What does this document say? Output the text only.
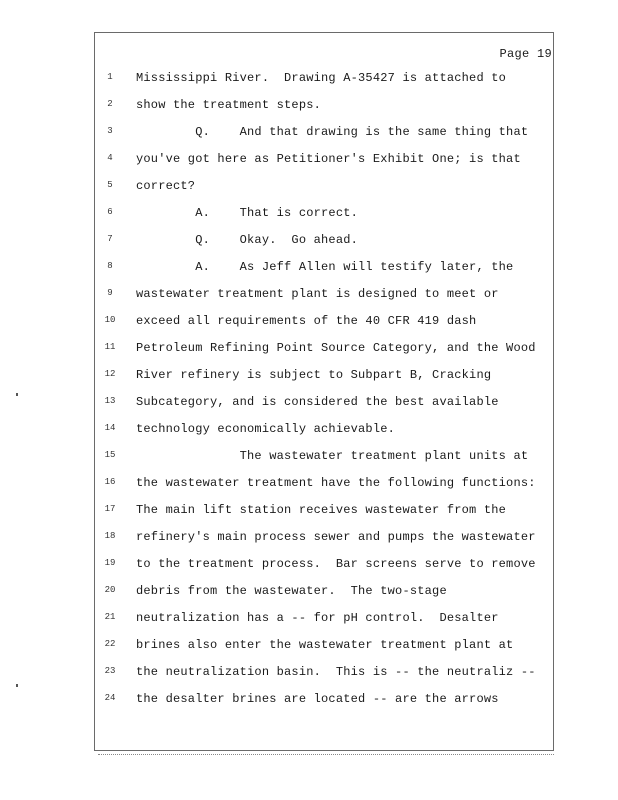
Page 19
1	Mississippi River.  Drawing A-35427 is attached to
2	show the treatment steps.
3	Q.    And that drawing is the same thing that
4	you've got here as Petitioner's Exhibit One; is that
5	correct?
6	A.    That is correct.
7	Q.    Okay.  Go ahead.
8	A.    As Jeff Allen will testify later, the
9	wastewater treatment plant is designed to meet or
10 exceed all requirements of the 40 CFR 419 dash
11 Petroleum Refining Point Source Category, and the Wood
12 River refinery is subject to Subpart B, Cracking
13 Subcategory, and is considered the best available
14 technology economically achievable.
15 The wastewater treatment plant units at
16 the wastewater treatment have the following functions:
17 The main lift station receives wastewater from the
18 refinery's main process sewer and pumps the wastewater
19 to the treatment process.  Bar screens serve to remove
20 debris from the wastewater.  The two-stage
21 neutralization has a -- for pH control.  Desalter
22 brines also enter the wastewater treatment plant at
23 the neutralization basin.  This is -- the neutraliz --
24 the desalter brines are located -- are the arrows
